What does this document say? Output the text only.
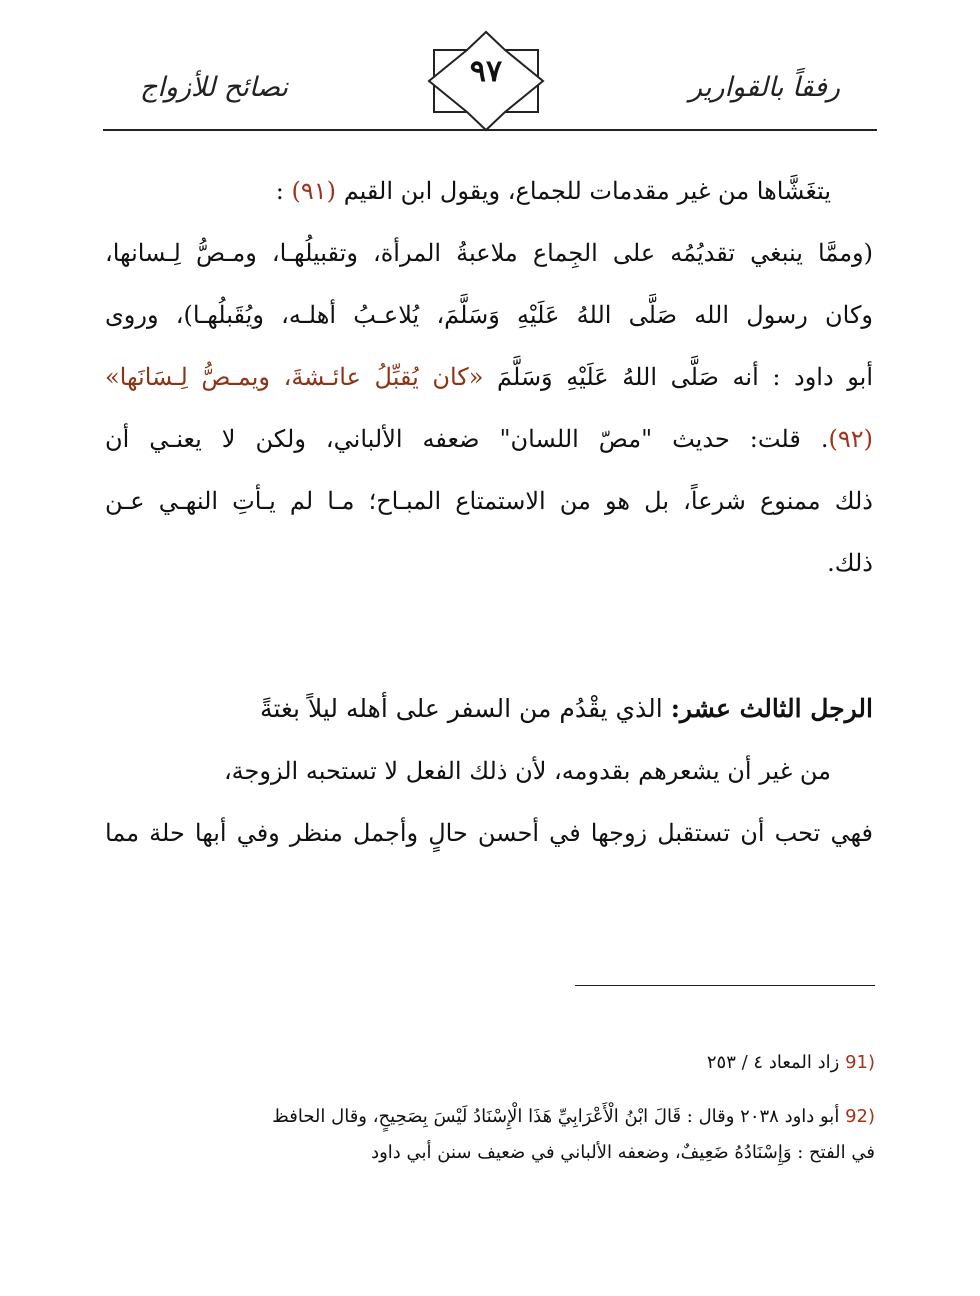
رفقاً بالقوارير
٩٧
نصائح للأزواج
يتغَشَّاها من غير مقدمات للجماع، ويقول ابن القيم (٩١) :
(وممَّا ينبغي تقديُمُه على الجِماع ملاعبةُ المرأة، وتقبيلُهـا، ومـصُّ لِـسانها،
وكان رسول الله صَلَّى اللهُ عَلَيْهِ وَسَلَّمَ، يُلاعـبُ أهلـه، ويُقَبلُهـا)، وروى
أبو داود : أنه صَلَّى اللهُ عَلَيْهِ وَسَلَّمَ «كان يُقبِّلُ عائـشةَ، ويمـصُّ لِـسَانَها»
(٩٢). قلت: حديث "مصّ اللسان" ضعفه الألباني، ولكن لا يعنـي أن
ذلك ممنوع شرعاً، بل هو من الاستمتاع المبـاح؛ مـا لم يـأتِ النهـي عـن
ذلك.
الرجل الثالث عشر: الذي يقْدُم من السفر على أهله ليلاً بغتةً
من غير أن يشعرهم بقدومه، لأن ذلك الفعل لا تستحبه الزوجة،
فهي تحب أن تستقبل زوجها في أحسن حالٍ وأجمل منظر وفي أبها حلة مما
(91 زاد المعاد ٤ / ٢٥٣
(92 أبو داود ٢٠٣٨ وقال : قَالَ ابْنُ الْأَعْرَابِيِّ هَذَا الْإِسْنَادُ لَيْسَ بِصَحِيحٍ، وقال الحافظ
في الفتح : وَإِسْنَادُهُ ضَعِيفٌ، وضعفه الألباني في ضعيف سنن أبي داود
